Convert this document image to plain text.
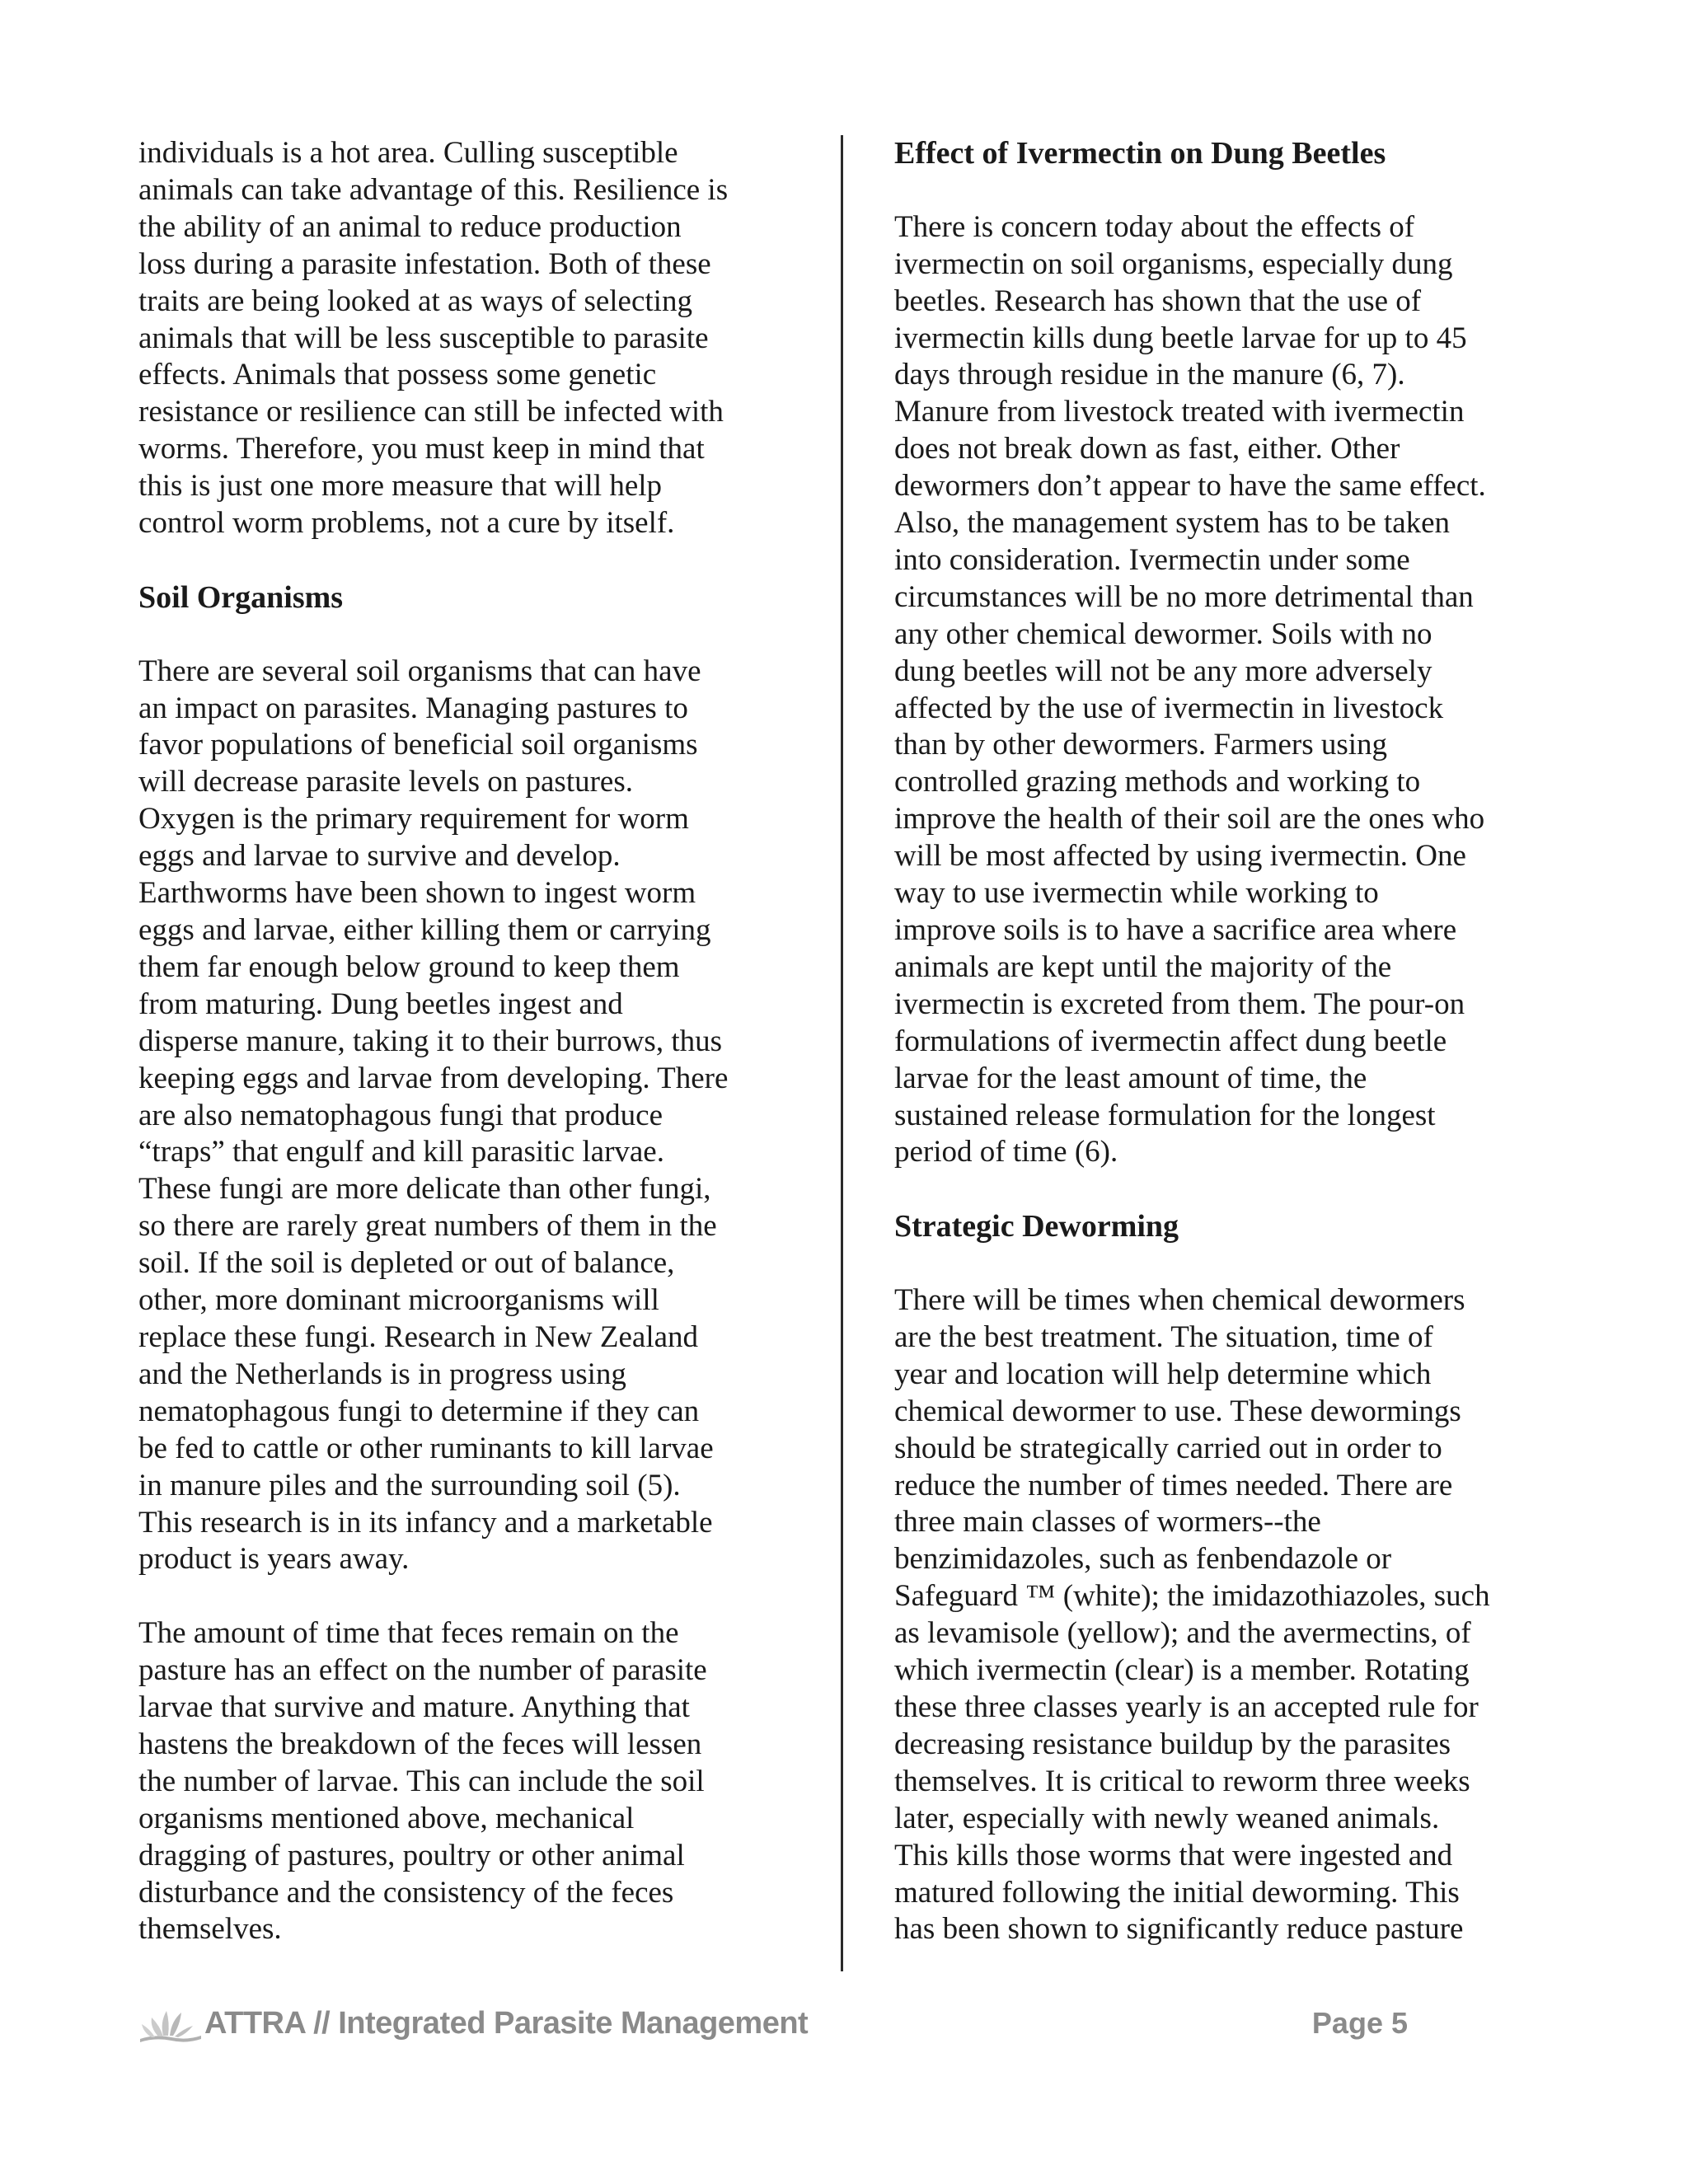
individuals is a hot area. Culling susceptible
animals can take advantage of this. Resilience is
the ability of an animal to reduce production
loss during a parasite infestation. Both of these
traits are being looked at as ways of selecting
animals that will be less susceptible to parasite
effects. Animals that possess some genetic
resistance or resilience can still be infected with
worms. Therefore, you must keep in mind that
this is just one more measure that will help
control worm problems, not a cure by itself.
Soil Organisms
There are several soil organisms that can have
an impact on parasites. Managing pastures to
favor populations of beneficial soil organisms
will decrease parasite levels on pastures.
Oxygen is the primary requirement for worm
eggs and larvae to survive and develop.
Earthworms have been shown to ingest worm
eggs and larvae, either killing them or carrying
them far enough below ground to keep them
from maturing. Dung beetles ingest and
disperse manure, taking it to their burrows, thus
keeping eggs and larvae from developing. There
are also nematophagous fungi that produce
“traps” that engulf and kill parasitic larvae.
These fungi are more delicate than other fungi,
so there are rarely great numbers of them in the
soil. If the soil is depleted or out of balance,
other, more dominant microorganisms will
replace these fungi. Research in New Zealand
and the Netherlands is in progress using
nematophagous fungi to determine if they can
be fed to cattle or other ruminants to kill larvae
in manure piles and the surrounding soil (5).
This research is in its infancy and a marketable
product is years away.
The amount of time that feces remain on the
pasture has an effect on the number of parasite
larvae that survive and mature. Anything that
hastens the breakdown of the feces will lessen
the number of larvae. This can include the soil
organisms mentioned above, mechanical
dragging of pastures, poultry or other animal
disturbance and the consistency of the feces
themselves.
Effect of Ivermectin on Dung Beetles
There is concern today about the effects of
ivermectin on soil organisms, especially dung
beetles. Research has shown that the use of
ivermectin kills dung beetle larvae for up to 45
days through residue in the manure (6, 7).
Manure from livestock treated with ivermectin
does not break down as fast, either. Other
dewormers don’t appear to have the same effect.
Also, the management system has to be taken
into consideration. Ivermectin under some
circumstances will be no more detrimental than
any other chemical dewormer. Soils with no
dung beetles will not be any more adversely
affected by the use of ivermectin in livestock
than by other dewormers. Farmers using
controlled grazing methods and working to
improve the health of their soil are the ones who
will be most affected by using ivermectin. One
way to use ivermectin while working to
improve soils is to have a sacrifice area where
animals are kept until the majority of the
ivermectin is excreted from them. The pour-on
formulations of ivermectin affect dung beetle
larvae for the least amount of time, the
sustained release formulation for the longest
period of time (6).
Strategic Deworming
There will be times when chemical dewormers
are the best treatment. The situation, time of
year and location will help determine which
chemical dewormer to use. These dewormings
should be strategically carried out in order to
reduce the number of times needed. There are
three main classes of wormers--the
benzimidazoles, such as fenbendazole or
Safeguard ™ (white); the imidazothiazoles, such
as levamisole (yellow); and the avermectins, of
which ivermectin (clear) is a member. Rotating
these three classes yearly is an accepted rule for
decreasing resistance buildup by the parasites
themselves. It is critical to reworm three weeks
later, especially with newly weaned animals.
This kills those worms that were ingested and
matured following the initial deworming. This
has been shown to significantly reduce pasture
ATTRA // Integrated Parasite Management	Page 5
